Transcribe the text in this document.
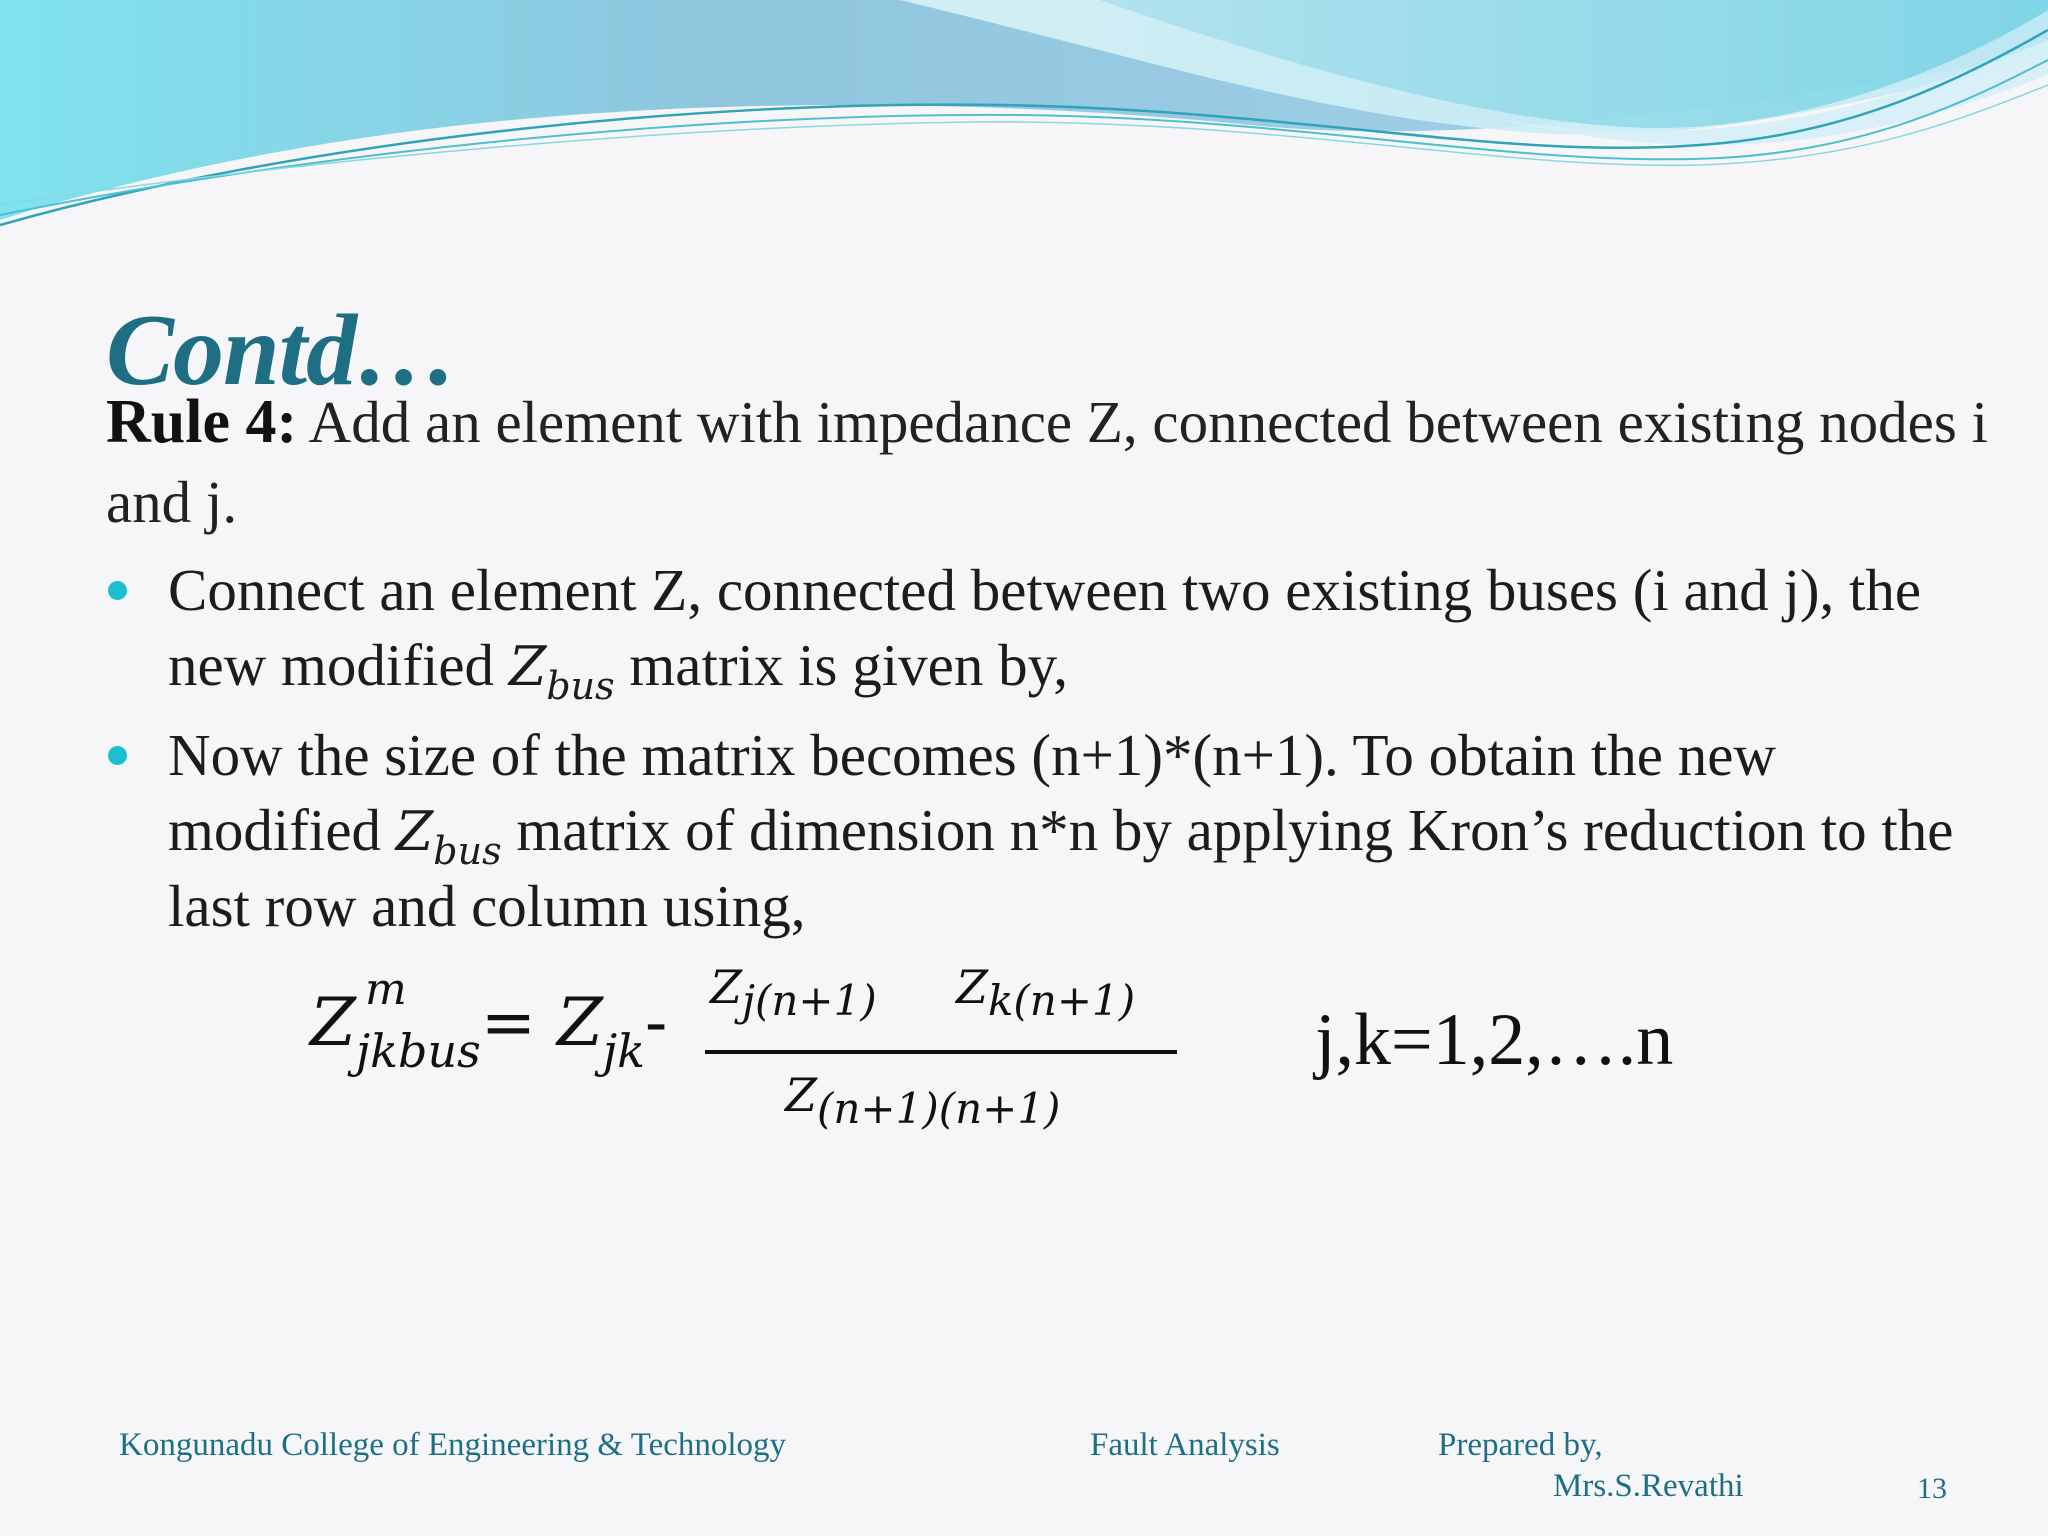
Contd…
Rule 4: Add an element with impedance Z, connected between existing nodes i and j.
Connect an element Z, connected between two existing buses (i and j), the new modified $Z_{bus}$ matrix is given by,
Now the size of the matrix becomes (n+1)*(n+1). To obtain the new modified $Z_{bus}$ matrix of dimension n*n by applying Kron’s reduction to the last row and column using,
Z m
$_{jkbus}= Z_{jk}-$ Zj(n+1) Zk(n+1)
Z(n+1)(n+1)
j,k=1,2,….n
Kongunadu College of Engineering & Technology	Fault Analysis	Prepared by,
Mrs.S.Revathi	13
